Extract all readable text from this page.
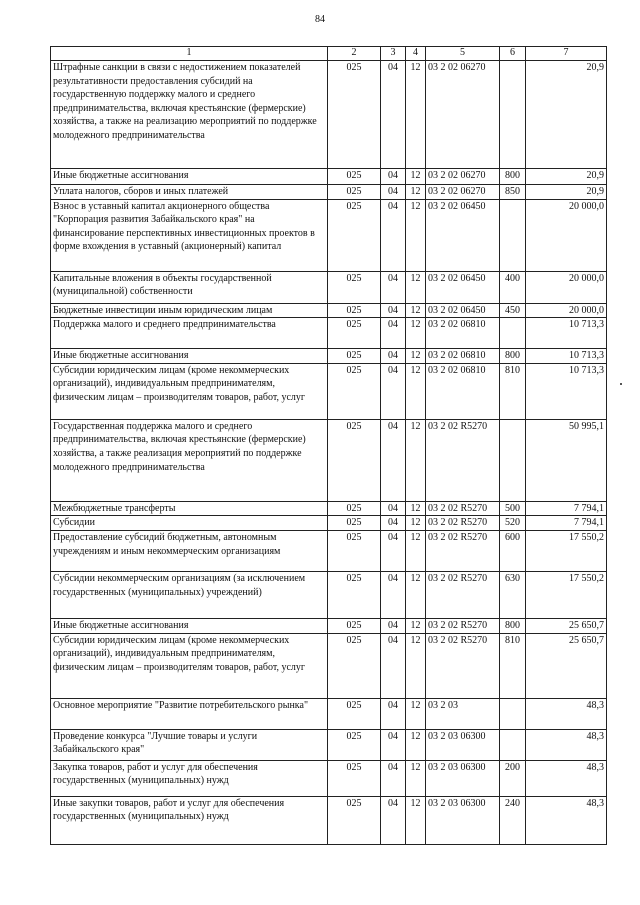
84
1	2	3	4	5	6	7
Штрафные санкции в связи с недостижением показателей результативности предоставления субсидий на государственную поддержку малого и среднего предпринимательства, включая крестьянские (фермерские) хозяйства, а также на реализацию мероприятий по поддержке молодежного предпринимательства	025	04	12	03 2 02 06270		20,9
Иные бюджетные ассигнования	025	04	12	03 2 02 06270	800	20,9
Уплата налогов, сборов и иных платежей	025	04	12	03 2 02 06270	850	20,9
Взнос в уставный капитал акционерного общества "Корпорация развития Забайкальского края" на финансирование перспективных инвестиционных проектов в форме вхождения в уставный (акционерный) капитал	025	04	12	03 2 02 06450		20 000,0
Капитальные вложения в объекты государственной (муниципальной) собственности	025	04	12	03 2 02 06450	400	20 000,0
Бюджетные инвестиции иным юридическим лицам	025	04	12	03 2 02 06450	450	20 000,0
Поддержка малого и среднего предпринимательства	025	04	12	03 2 02 06810		10 713,3
Иные бюджетные ассигнования	025	04	12	03 2 02 06810	800	10 713,3
Субсидии юридическим лицам (кроме некоммерческих организаций), индивидуальным предпринимателям, физическим лицам – производителям товаров, работ, услуг	025	04	12	03 2 02 06810	810	10 713,3
Государственная поддержка малого и среднего предпринимательства, включая крестьянские (фермерские) хозяйства, а также реализация мероприятий по поддержке молодежного предпринимательства	025	04	12	03 2 02 R5270		50 995,1
Межбюджетные трансферты	025	04	12	03 2 02 R5270	500	7 794,1
Субсидии	025	04	12	03 2 02 R5270	520	7 794,1
Предоставление субсидий бюджетным, автономным учреждениям и иным некоммерческим организациям	025	04	12	03 2 02 R5270	600	17 550,2
Субсидии некоммерческим организациям (за исключением государственных (муниципальных) учреждений)	025	04	12	03 2 02 R5270	630	17 550,2
Иные бюджетные ассигнования	025	04	12	03 2 02 R5270	800	25 650,7
Субсидии юридическим лицам (кроме некоммерческих организаций), индивидуальным предпринимателям, физическим лицам – производителям товаров, работ, услуг	025	04	12	03 2 02 R5270	810	25 650,7
Основное мероприятие "Развитие потребительского рынка"	025	04	12	03 2 03		48,3
Проведение конкурса "Лучшие товары и услуги Забайкальского края"	025	04	12	03 2 03 06300		48,3
Закупка товаров, работ и услуг для обеспечения государственных (муниципальных) нужд	025	04	12	03 2 03 06300	200	48,3
Иные закупки товаров, работ и услуг для обеспечения государственных (муниципальных) нужд	025	04	12	03 2 03 06300	240	48,3
